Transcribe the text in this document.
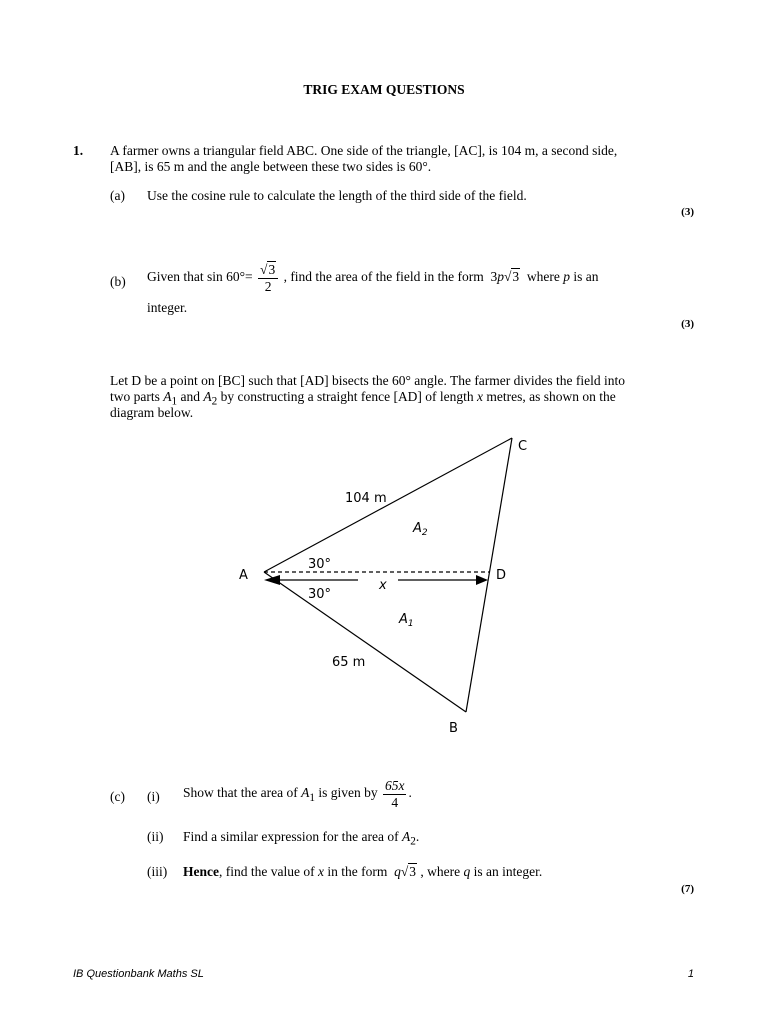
TRIG EXAM QUESTIONS
1. A farmer owns a triangular field ABC. One side of the triangle, [AC], is 104 m, a second side,
[AB], is 65 m and the angle between these two sides is 60°.
(a) Use the cosine rule to calculate the length of the third side of the field.
(3)
(b) Given that $\sin 60^\circ= \frac{√3}{2}$ , find the area of the field in the form 3p√3 where p is an
integer.
(3)
Let D be a point on [BC] such that [AD] bisects the 60° angle. The farmer divides the field into
two parts $A_1$ and $A_2$ by constructing a straight fence [AD] of length x metres, as shown on the
diagram below.
A
B
C
D
104 m
65 m
30°
30°
x
$A_2$
$A_1$
(c) (i) Show that the area of $A_1$ is given by $\frac{65x}{4}$ .
(ii) Find a similar expression for the area of $A_2$.
(iii) Hence, find the value of x in the form q√3 , where q is an integer.
(7)
IB Questionbank Maths SL	1
